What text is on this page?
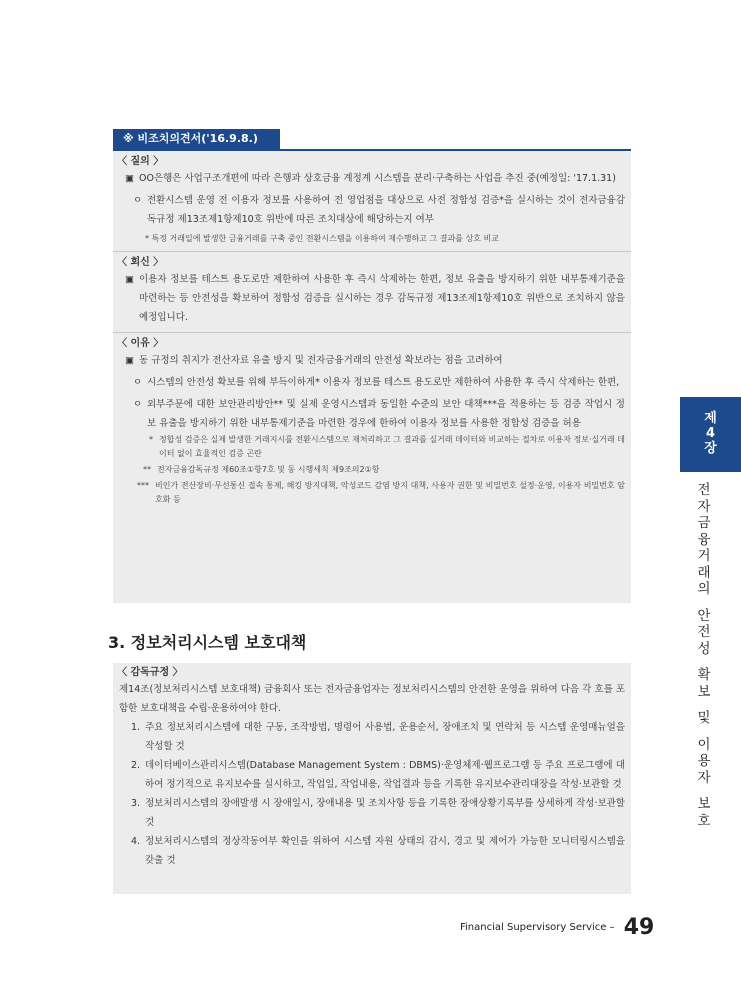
※ 비조치의견서('16.9.8.)

〈 질의 〉

▣ OO은행은 사업구조개편에 따라 은행과 상호금융 계정계 시스템을 분리·구축하는 사업을 추진 중(예정일: '17.1.31)
ㅇ 전환시스템 운영 전 이용자 정보를 사용하여 전 영업점을 대상으로 사전 정합성 검증*을 실시하는 것이 전자금융감독규정 제13조제1항제10호 위반에 따른 조치대상에 해당하는지 여부

* 특정 거래일에 발생한 금융거래를 구축 중인 전환시스템을 이용하여 재수행하고 그 결과를 상호 비교

〈 회신 〉

▣ 이용자 정보를 테스트 용도로만 제한하여 사용한 후 즉시 삭제하는 한편, 정보 유출을 방지하기 위한 내부통제기준을 마련하는 등 안전성을 확보하여 정합성 검증을 실시하는 경우 감독규정 제13조제1항제10호 위반으로 조치하지 않을 예정입니다.

〈 이유 〉

▣ 동 규정의 취지가 전산자료 유출 방지 및 전자금융거래의 안전성 확보라는 점을 고려하여
ㅇ 시스템의 안전성 확보를 위해 부득이하게* 이용자 정보를 테스트 용도로만 제한하여 사용한 후 즉시 삭제하는 한편,
ㅇ 외부주문에 대한 보안관리방안** 및 실제 운영시스템과 동일한 수준의 보안 대책***을 적용하는 등 검증 작업시 정보 유출을 방지하기 위한 내부통제기준을 마련한 경우에 한하여 이용자 정보를 사용한 정합성 검증을 허용
* 정합성 검증은 실제 발생한 거래지시를 전환시스템으로 재처리하고 그 결과를 실거래 데이터와 비교하는 절차로 이용자 정보·실거래 데이터 없이 효율적인 검증 곤란
** 전자금융감독규정 제60조①항7호 및 동 시행세칙 제9조의2①항
*** 비인가 전산장비·무선통신 접속 통제, 해킹 방지대책, 악성코드 감염 방지 대책, 사용자 권한 및 비밀번호 설정·운영, 이용자 비밀번호 암호화 등
3. 정보처리시스템 보호대책

〈 감독규정 〉

제14조(정보처리시스템 보호대책) 금융회사 또는 전자금융업자는 정보처리시스템의 안전한 운영을 위하여 다음 각 호를 포함한 보호대책을 수립·운용하여야 한다.

1. 주요 정보처리시스템에 대한 구동, 조작방법, 명령어 사용법, 운용순서, 장애조치 및 연락처 등 시스템 운영매뉴얼을 작성할 것
2. 데이터베이스관리시스템(Database Management System : DBMS)·운영체제·웹프로그램 등 주요 프로그램에 대하여 정기적으로 유지보수를 실시하고, 작업일, 작업내용, 작업결과 등을 기록한 유지보수관리대장을 작성·보관할 것
3. 정보처리시스템의 장애발생 시 장애일시, 장애내용 및 조치사항 등을 기록한 장애상황기록부를 상세하게 작성·보관할 것
4. 정보처리시스템의 정상작동여부 확인을 위하여 시스템 자원 상태의 감시, 경고 및 제어가 가능한 모니터링시스템을 갖출 것
제
4
장
전
자
금
융
거
래
의
안
전
성
확
보
및
이
용
자
보
호
Financial Supervisory Service – 49
